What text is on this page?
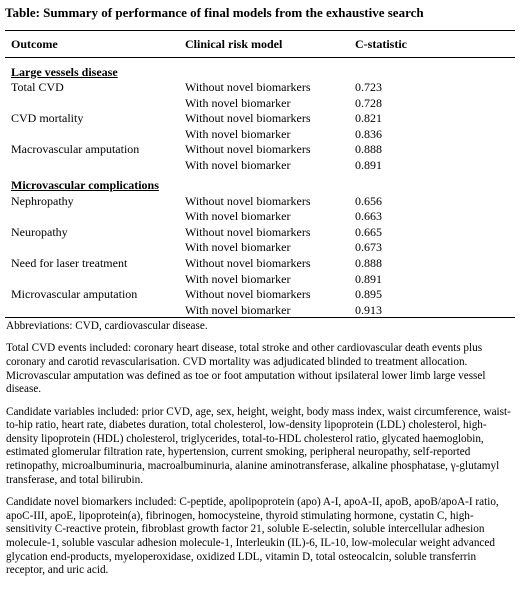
Table: Summary of performance of final models from the exhaustive search
Outcome	Clinical risk model	C-statistic
Large vessels disease		
Total CVD	Without novel biomarkers	0.723
	With novel biomarker	0.728
CVD mortality	Without novel biomarkers	0.821
	With novel biomarker	0.836
Macrovascular amputation	Without novel biomarkers	0.888
	With novel biomarker	0.891
Microvascular complications		
Nephropathy	Without novel biomarkers	0.656
	With novel biomarker	0.663
Neuropathy	Without novel biomarkers	0.665
	With novel biomarker	0.673
Need for laser treatment	Without novel biomarkers	0.888
	With novel biomarker	0.891
Microvascular amputation	Without novel biomarkers	0.895
	With novel biomarker	0.913

Abbreviations: CVD, cardiovascular disease.

Total CVD events included: coronary heart disease, total stroke and other cardiovascular death events plus coronary and carotid revascularisation. CVD mortality was adjudicated blinded to treatment allocation. Microvascular amputation was defined as toe or foot amputation without ipsilateral lower limb large vessel disease.

Candidate variables included: prior CVD, age, sex, height, weight, body mass index, waist circumference, waist-to-hip ratio, heart rate, diabetes duration, total cholesterol, low-density lipoprotein (LDL) cholesterol, high-density lipoprotein (HDL) cholesterol, triglycerides, total-to-HDL cholesterol ratio, glycated haemoglobin, estimated glomerular filtration rate, hypertension, current smoking, peripheral neuropathy, self-reported retinopathy, microalbuminuria, macroalbuminuria, alanine aminotransferase, alkaline phosphatase, γ-glutamyl transferase, and total bilirubin.

Candidate novel biomarkers included: C-peptide, apolipoprotein (apo) A-I, apoA-II, apoB, apoB/apoA-I ratio, apoC-III, apoE, lipoprotein(a), fibrinogen, homocysteine, thyroid stimulating hormone, cystatin C, high-sensitivity C-reactive protein, fibroblast growth factor 21, soluble E-selectin, soluble intercellular adhesion molecule-1, soluble vascular adhesion molecule-1, Interleukin (IL)-6, IL-10, low-molecular weight advanced glycation end-products, myeloperoxidase, oxidized LDL, vitamin D, total osteocalcin, soluble transferrin receptor, and uric acid.
